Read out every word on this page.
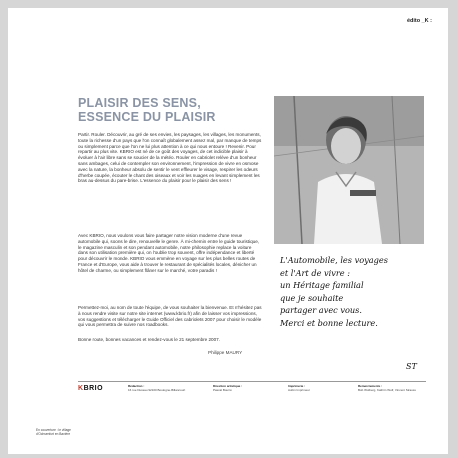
édito _K :
PLAISIR DES SENS,
ESSENCE DU PLAISIR

Partir. Rouler. Découvrir, au gré de ses envies, les paysages, les villages, les monuments, toute la richesse d'un pays que l'on connaît globalement assez mal, par manque de temps ou simplement parce que l'on ne lui plus attention à ce qui nous entoure ! Revenir. Pour repartir au plus vite. KBRIO est né de ce goût des voyages, de cet indicible plaisir à évoluer à l'air libre sans se soucier de la météo. Rouler en cabriolet relève d'un bonheur sans ambages, celui de contempler son environnement, l'impression de vivre en osmose avec la nature, la bonheur absolu de sentir le vent effleurer le visage, respirer les odeurs d'herbe coupée, écouter le chant des oiseaux et voir les nuages en levant simplement les bras au-dessus du pare-brise. L'essence du plaisir pour le plaisir des sens !

Avec KBRIO, nous voulons vous faire partager notre vision moderne d'une revue automobile qui, soons le dire, renouvelle le genre. À mi-chemin entre le guide touristique, le magazine masculin et son pendant automobile, notre philosophie replace la voiture dans son utilisation première qui, on l'oublie trop souvent, offre indépendance et liberté pour découvrir le monde. KBRIO vous emmène en voyage sur les plus belles routes de France et d'Europe, vous aide à trouver le restaurant de spécialités locales, dénicher un hôtel de charme, ou simplement flâner sur le marché, votre paradis !

Permettez-moi, au nom de toute l'équipe, de vous souhaiter la bienvenue. Et n'hésitez pas à nous rendre visite sur notre site internet (www.kbrio.fr) afin de laisser vos impressions, vos suggestions et télécharger le Guide Officiel des cabriolets 2007 pour choisir le modèle qui vous permettra de suivre nos roadbooks.

Bonne route, bonnes vacances et rendez-vous le 21 septembre 2007.

Philippe MAURY
L'Automobile, les voyages
et l'Art de vivre :
un Héritage familial
que je souhaite
partager avec vous.
Merci et bonne lecture.
ST
KBRIO	Rédaction :
16 rue Dussau 92100 Boulogne-Billancourt
Direction artistique :
Pascal Bourré
Imprimerie :
Aubin Imprimeur
Remerciements :
Bob Wolberg, Kathrin Wolf, Vincent Strauss
En couverture : le village d'Ochsenfurt en Bavière
